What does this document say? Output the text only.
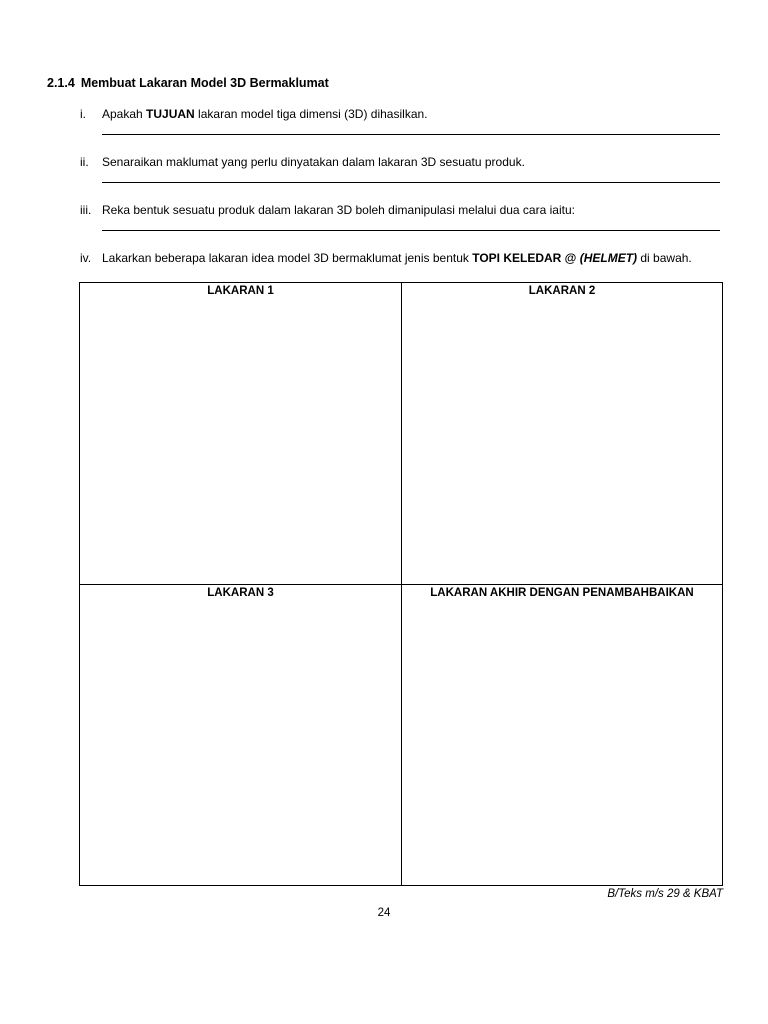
2.1.4 Membuat Lakaran Model 3D Bermaklumat
i. Apakah TUJUAN lakaran model tiga dimensi (3D) dihasilkan.
ii. Senaraikan maklumat yang perlu dinyatakan dalam lakaran 3D sesuatu produk.
iii. Reka bentuk sesuatu produk dalam lakaran 3D boleh dimanipulasi melalui dua cara iaitu:
iv. Lakarkan beberapa lakaran idea model 3D bermaklumat jenis bentuk TOPI KELEDAR @ (HELMET) di bawah.
LAKARAN 1	LAKARAN 2
LAKARAN 3	LAKARAN AKHIR DENGAN PENAMBAHBAIKAN
B/Teks m/s 29 & KBAT
24
